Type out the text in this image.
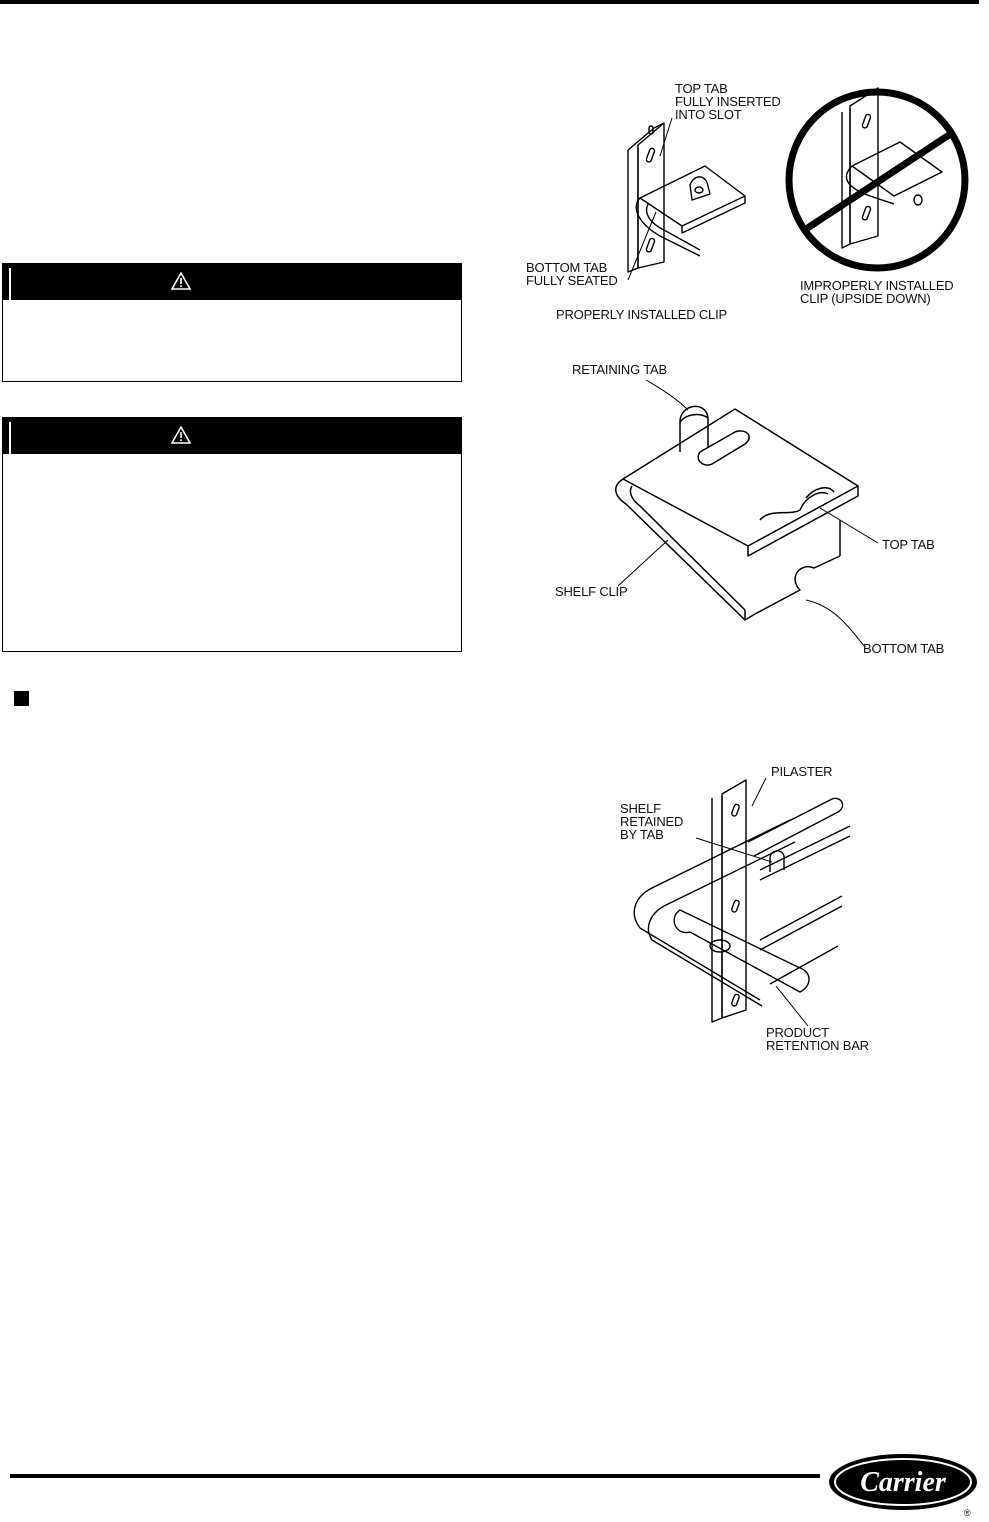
TOP TAB
FULLY INSERTED
INTO SLOT
BOTTOM TAB
FULLY SEATED
PROPERLY INSTALLED CLIP
IMPROPERLY INSTALLED
CLIP (UPSIDE DOWN)
RETAINING TAB
TOP TAB
SHELF CLIP
BOTTOM TAB
PILASTER
SHELF
RETAINED
BY TAB
PRODUCT
RETENTION BAR
Carrier
®
